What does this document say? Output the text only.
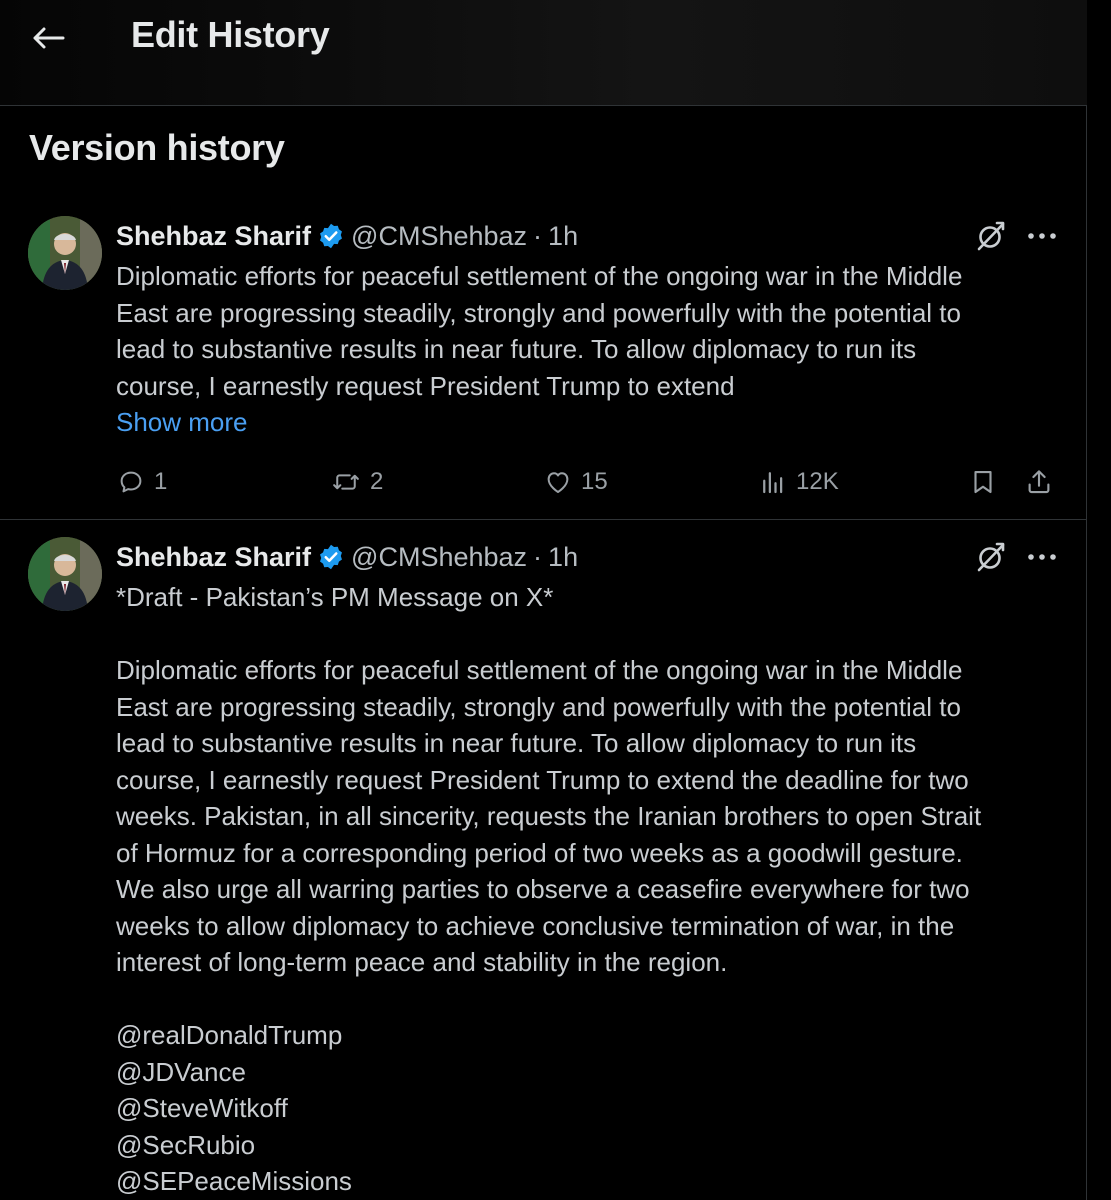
Edit History
Version history
Shehbaz Sharif @CMShehbaz · 1h

Diplomatic efforts for peaceful settlement of the ongoing war in the Middle

East are progressing steadily, strongly and powerfully with the potential to

lead to substantive results in near future. To allow diplomacy to run its

course, I earnestly request President Trump to extend

Show more
1	2	15	12K
Shehbaz Sharif @CMShehbaz · 1h

*Draft - Pakistan’s PM Message on X*

Diplomatic efforts for peaceful settlement of the ongoing war in the Middle

East are progressing steadily, strongly and powerfully with the potential to

lead to substantive results in near future. To allow diplomacy to run its

course, I earnestly request President Trump to extend the deadline for two

weeks. Pakistan, in all sincerity, requests the Iranian brothers to open Strait

of Hormuz for a corresponding period of two weeks as a goodwill gesture.

We also urge all warring parties to observe a ceasefire everywhere for two

weeks to allow diplomacy to achieve conclusive termination of war, in the

interest of long-term peace and stability in the region.

@realDonaldTrump

@JDVance

@SteveWitkoff

@SecRubio

@SEPeaceMissions
